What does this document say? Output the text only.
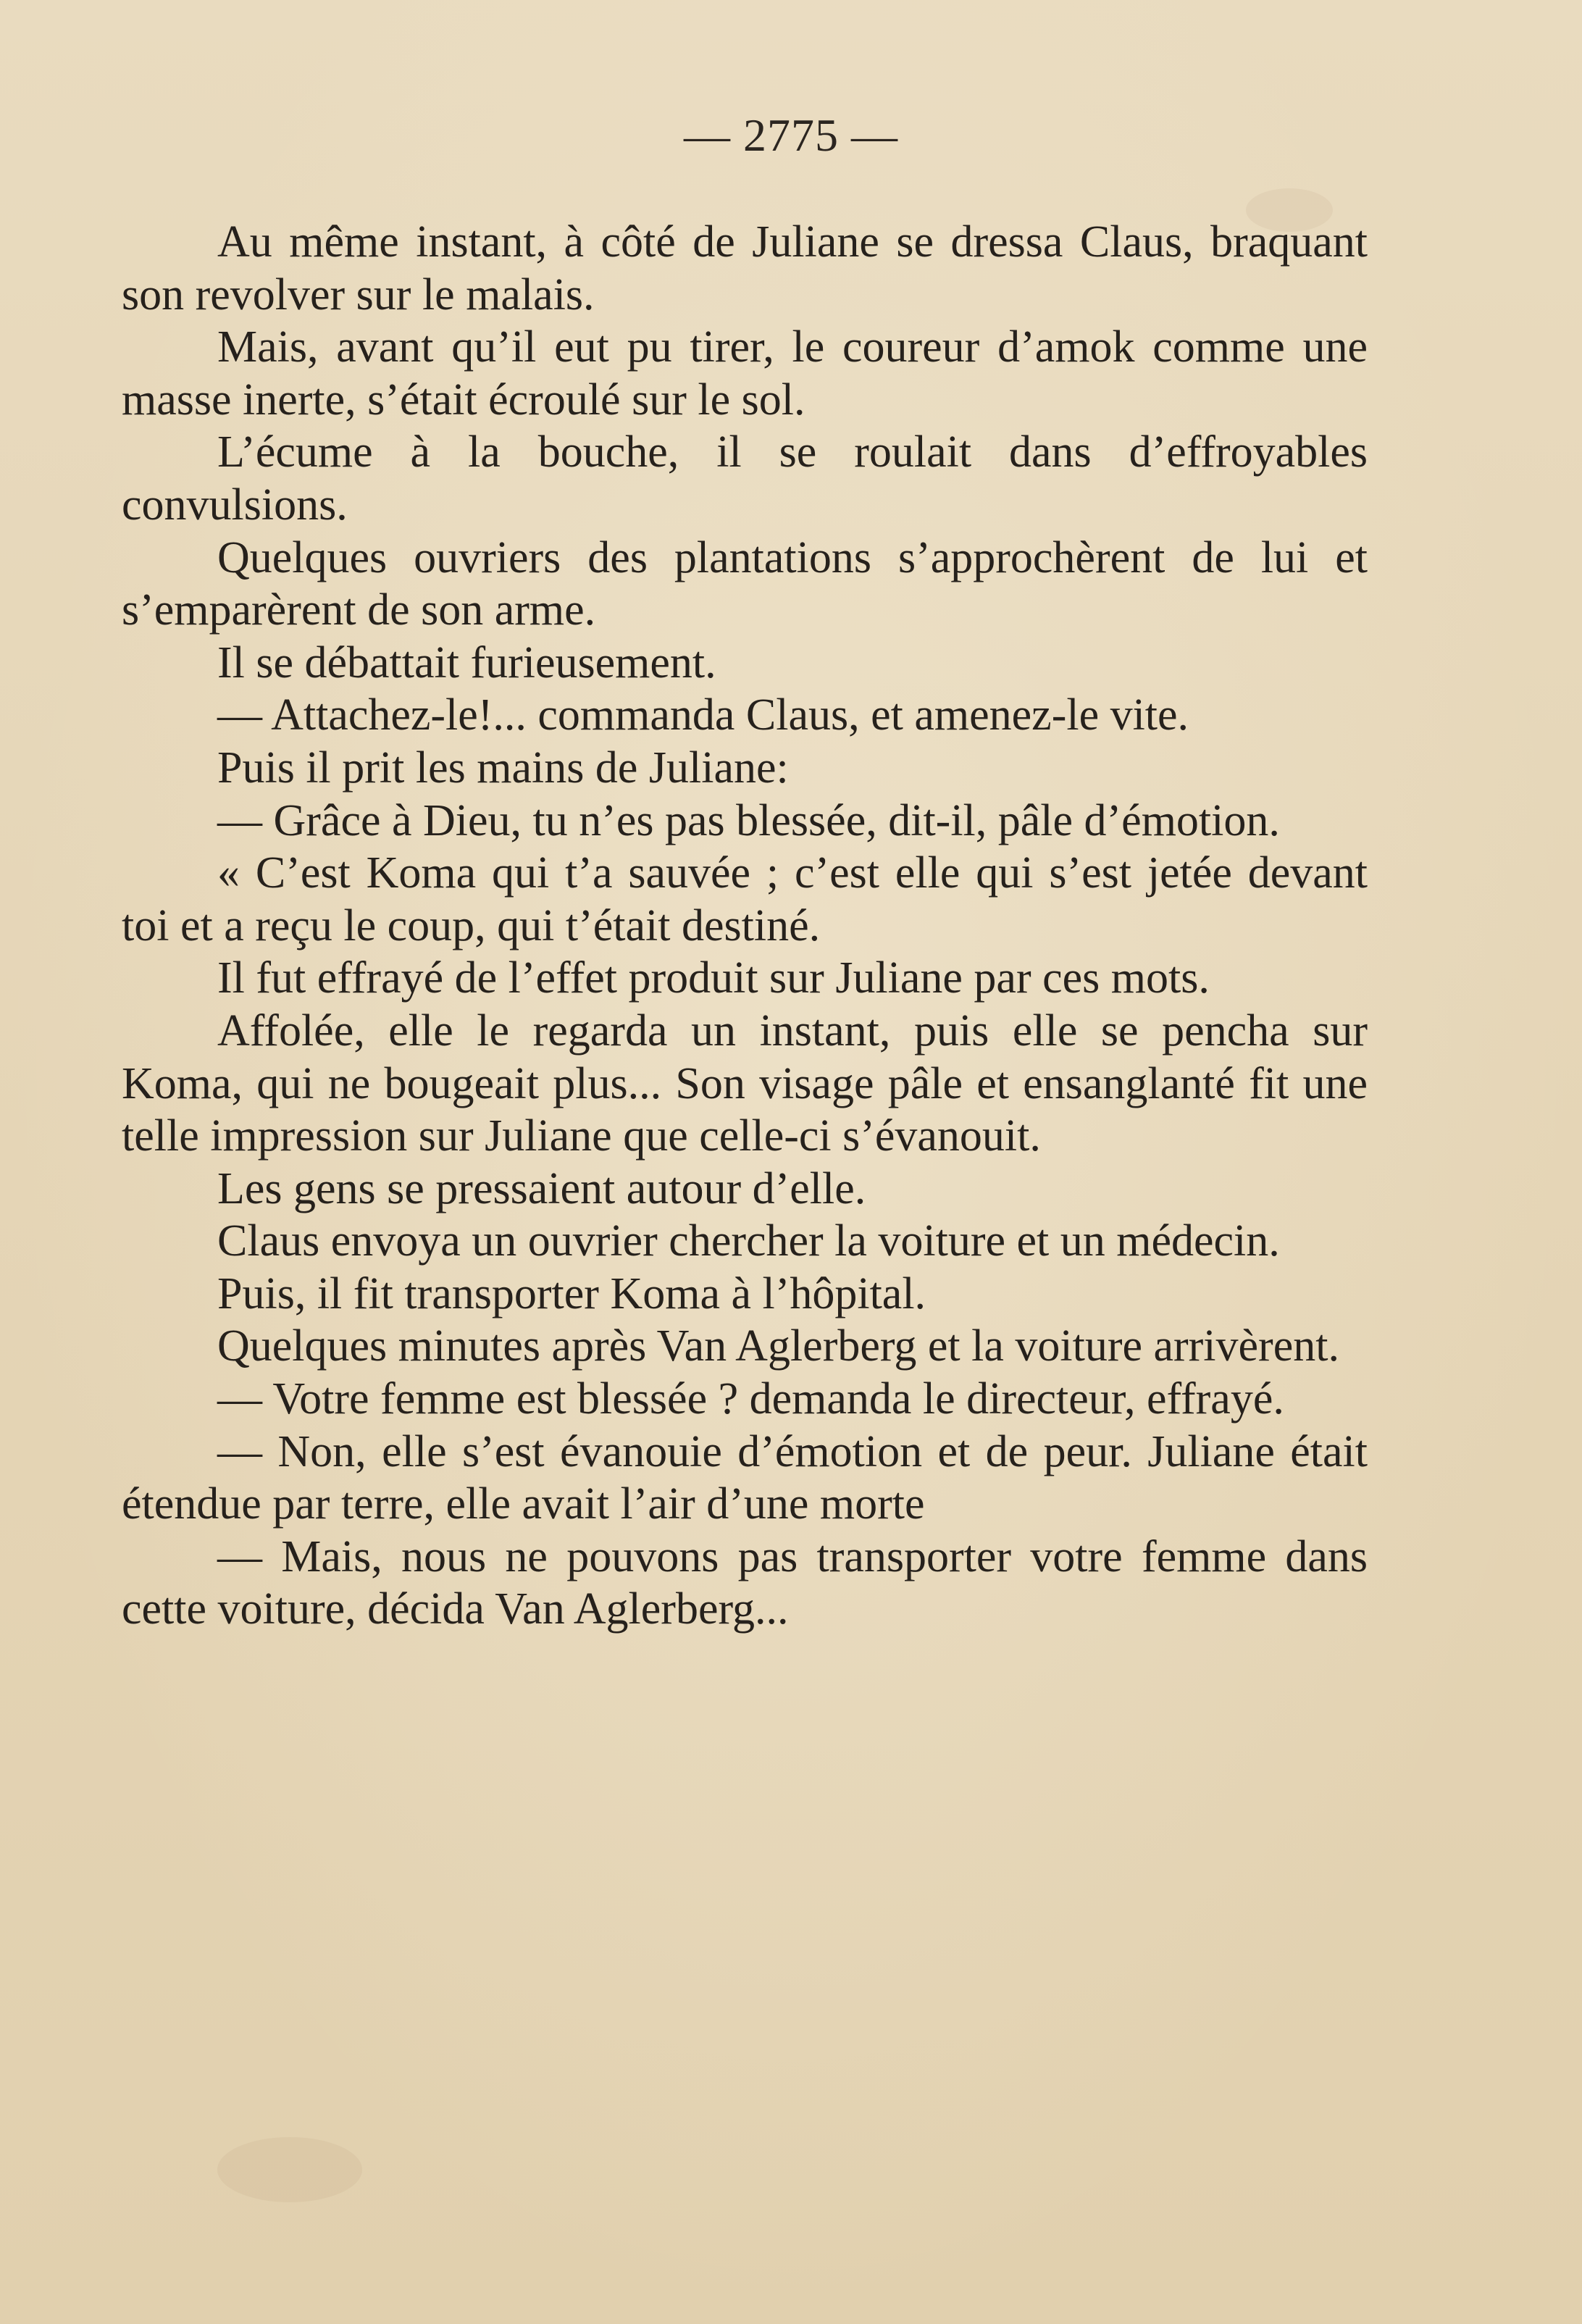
— 2775 —

Au même instant, à côté de Juliane se dressa Claus, braquant son revolver sur le malais.

Mais, avant qu’il eut pu tirer, le coureur d’amok comme une masse inerte, s’était écroulé sur le sol.

L’écume à la bouche, il se roulait dans d’effroyables convulsions.

Quelques ouvriers des plantations s’approchèrent de lui et s’emparèrent de son arme.

Il se débattait furieusement.

— Attachez-le!... commanda Claus, et amenez-le vite.

Puis il prit les mains de Juliane:

— Grâce à Dieu, tu n’es pas blessée, dit-il, pâle d’émotion.

« C’est Koma qui t’a sauvée ; c’est elle qui s’est jetée devant toi et a reçu le coup, qui t’était destiné.

Il fut effrayé de l’effet produit sur Juliane par ces mots.

Affolée, elle le regarda un instant, puis elle se pencha sur Koma, qui ne bougeait plus... Son visage pâle et ensanglanté fit une telle impression sur Juliane que celle-ci s’évanouit.

Les gens se pressaient autour d’elle.

Claus envoya un ouvrier chercher la voiture et un médecin.

Puis, il fit transporter Koma à l’hôpital.

Quelques minutes après Van Aglerberg et la voiture arrivèrent.

— Votre femme est blessée ? demanda le directeur, effrayé.

— Non, elle s’est évanouie d’émotion et de peur. Juliane était étendue par terre, elle avait l’air d’une morte

— Mais, nous ne pouvons pas transporter votre femme dans cette voiture, décida Van Aglerberg...
